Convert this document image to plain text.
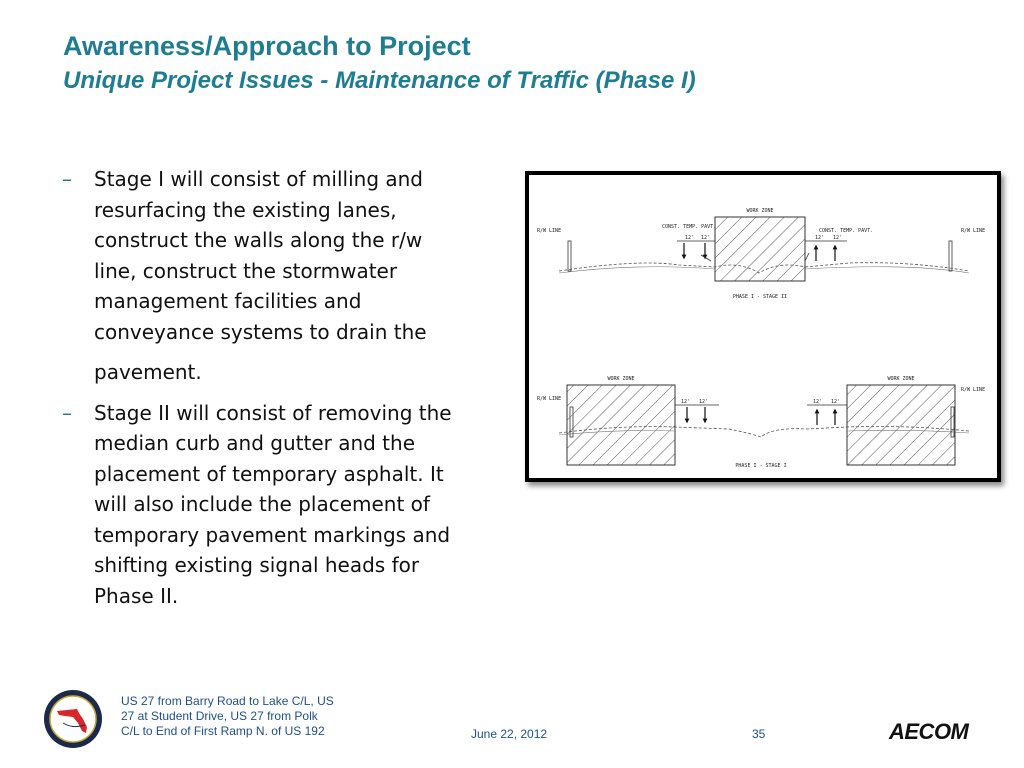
Awareness/Approach to Project
Unique Project Issues - Maintenance of Traffic (Phase I)
– Stage I will consist of milling and resurfacing the existing lanes, construct the walls along the r/w line, construct the stormwater management facilities and conveyance systems to drain the
pavement.
– Stage II will consist of removing the median curb and gutter and the placement of temporary asphalt. It will also include the placement of temporary pavement markings and shifting existing signal heads for Phase II.
WORK ZONE
CONST. TEMP. PAVT.
CONST. TEMP. PAVT.
R/W LINE	R/W LINE
12' 12'	12' 12'
PHASE I - STAGE II
WORK ZONE	WORK ZONE
R/W LINE
R/W LINE
12' 12'	12' 12'
PHASE I - STAGE I
US 27 from Barry Road to Lake C/L, US 27 at Student Drive, US 27 from Polk C/L to End of First Ramp N. of US 192	June 22, 2012	35	AECOM
